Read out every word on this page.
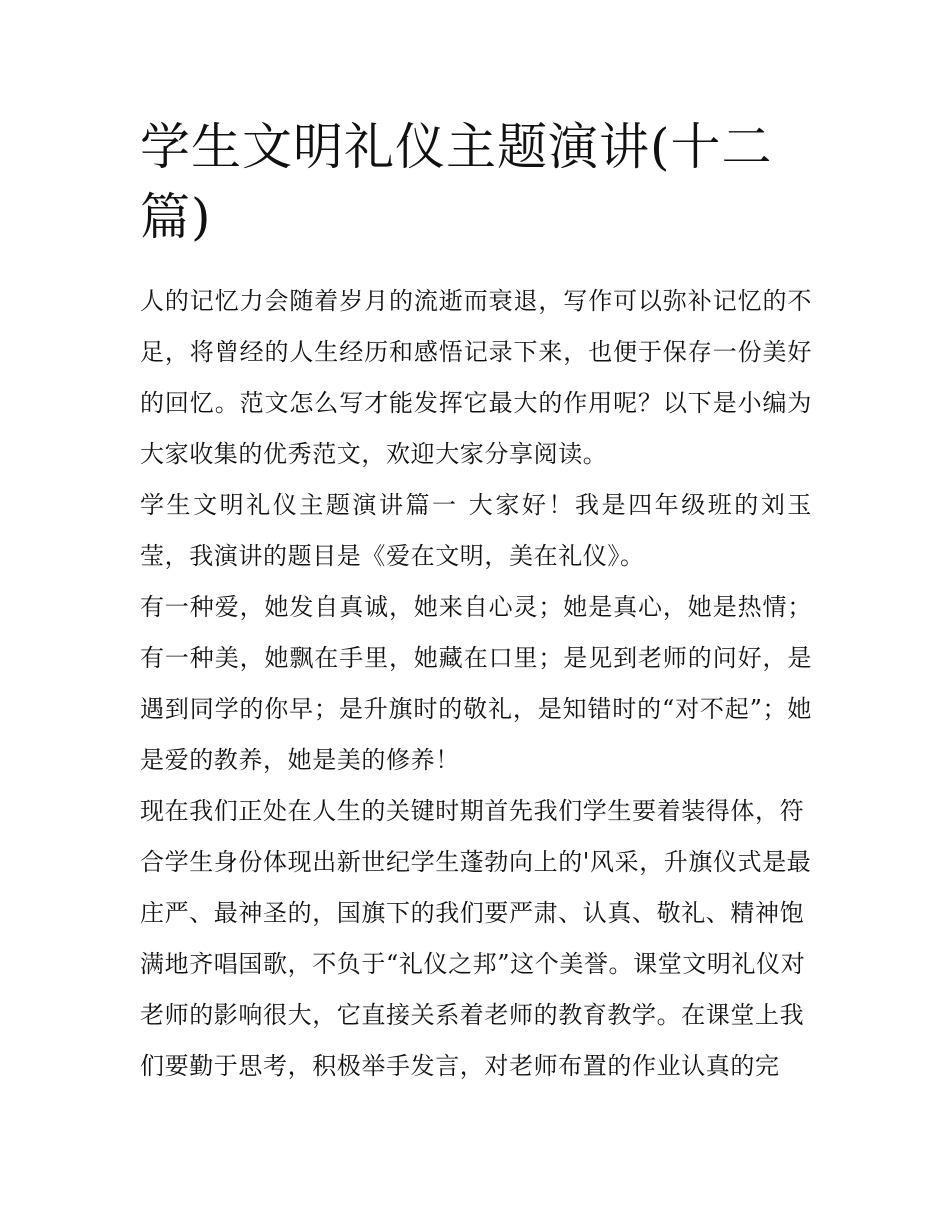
学生文明礼仪主题演讲(十二篇)

人的记忆力会随着岁月的流逝而衰退，写作可以弥补记忆的不足，将曾经的人生经历和感悟记录下来，也便于保存一份美好的回忆。范文怎么写才能发挥它最大的作用呢？以下是小编为大家收集的优秀范文，欢迎大家分享阅读。

学生文明礼仪主题演讲篇一 大家好！我是四年级班的刘玉莹，我演讲的题目是《爱在文明，美在礼仪》。

有一种爱，她发自真诚，她来自心灵；她是真心，她是热情；有一种美，她飘在手里，她藏在口里；是见到老师的问好，是遇到同学的你早；是升旗时的敬礼，是知错时的“对不起”；她是爱的教养，她是美的修养！

现在我们正处在人生的关键时期首先我们学生要着装得体，符合学生身份体现出新世纪学生蓬勃向上的'风采，升旗仪式是最庄严、最神圣的，国旗下的我们要严肃、认真、敬礼、精神饱满地齐唱国歌，不负于“礼仪之邦”这个美誉。课堂文明礼仪对老师的影响很大，它直接关系着老师的教育教学。在课堂上我们要勤于思考，积极举手发言，对老师布置的作业认真的完
